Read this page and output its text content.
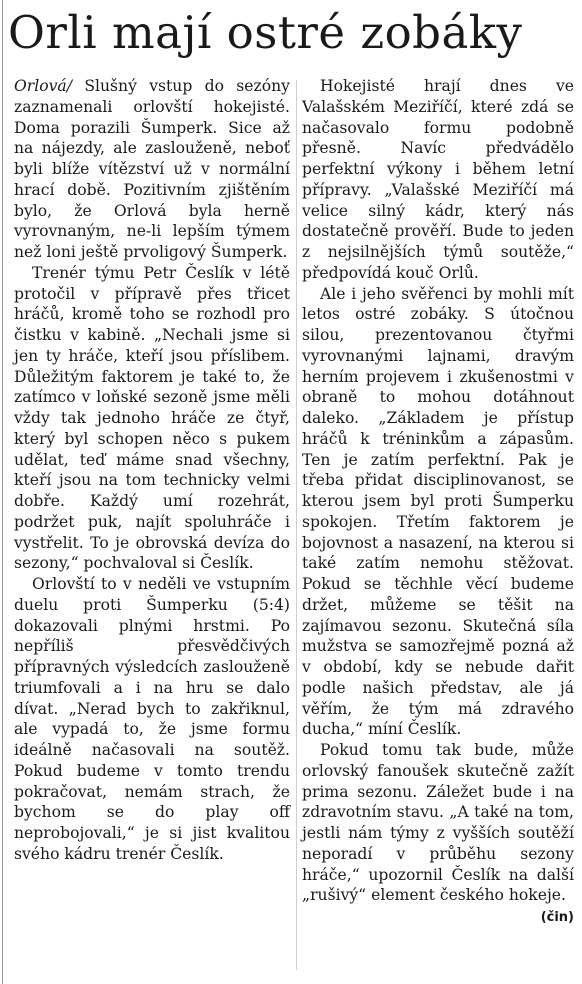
Orli mají ostré zobáky

Orlová/ Slušný vstup do sezóny zaznamenali orlovští hokejisté. Doma porazili Šumperk. Sice až na nájezdy, ale zaslouženě, neboť byli blíže vítězství už v normální hrací době. Pozitivním zjištěním bylo, že Orlová byla herně vyrovnaným, ne-li lepším týmem než loni ještě prvoligový Šumperk.

Trenér týmu Petr Česlík v létě protočil v přípravě přes třicet hráčů, kromě toho se rozhodl pro čistku v kabině. „Nechali jsme si jen ty hráče, kteří jsou příslibem. Důležitým faktorem je také to, že zatímco v loňské sezoně jsme měli vždy tak jednoho hráče ze čtyř, který byl schopen něco s pukem udělat, teď máme snad všechny, kteří jsou na tom technicky velmi dobře. Každý umí rozehrát, podržet puk, najít spoluhráče i vystřelit. To je obrovská devíza do sezony,“ pochvaloval si Česlík.

Orlovští to v neděli ve vstupním duelu proti Šumperku (5:4) dokazovali plnými hrstmi. Po nepříliš přesvědčivých přípravných výsledcích zaslouženě triumfovali a i na hru se dalo dívat. „Nerad bych to zakřiknul, ale vypadá to, že jsme formu ideálně načasovali na soutěž. Pokud budeme v tomto trendu pokračovat, nemám strach, že bychom se do play off neprobojovali,“ je si jist kvalitou svého kádru trenér Česlík.

Hokejisté hrají dnes ve Valašském Meziříčí, které zdá se načasovalo formu podobně přesně. Navíc předvádělo perfektní výkony i během letní přípravy. „Valašské Meziříčí má velice silný kádr, který nás dostatečně prověří. Bude to jeden z nejsilnějších týmů soutěže,“ předpovídá kouč Orlů.

Ale i jeho svěřenci by mohli mít letos ostré zobáky. S útočnou silou, prezentovanou čtyřmi vyrovnanými lajnami, dravým herním projevem i zkušenostmi v obraně to mohou dotáhnout daleko. „Základem je přístup hráčů k tréninkům a zápasům. Ten je zatím perfektní. Pak je třeba přidat disciplinovanost, se kterou jsem byl proti Šumperku spokojen. Třetím faktorem je bojovnost a nasazení, na kterou si také zatím nemohu stěžovat. Pokud se těchhle věcí budeme držet, můžeme se těšit na zajímavou sezonu. Skutečná síla mužstva se samozřejmě pozná až v období, kdy se nebude dařit podle našich představ, ale já věřím, že tým má zdravého ducha,“ míní Česlík.

Pokud tomu tak bude, může orlovský fanoušek skutečně zažít prima sezonu. Záležet bude i na zdravotním stavu. „A také na tom, jestli nám týmy z vyšších soutěží neporadí v průběhu sezony hráče,“ upozornil Česlík na další „rušivý“ element českého hokeje.
(čin)
